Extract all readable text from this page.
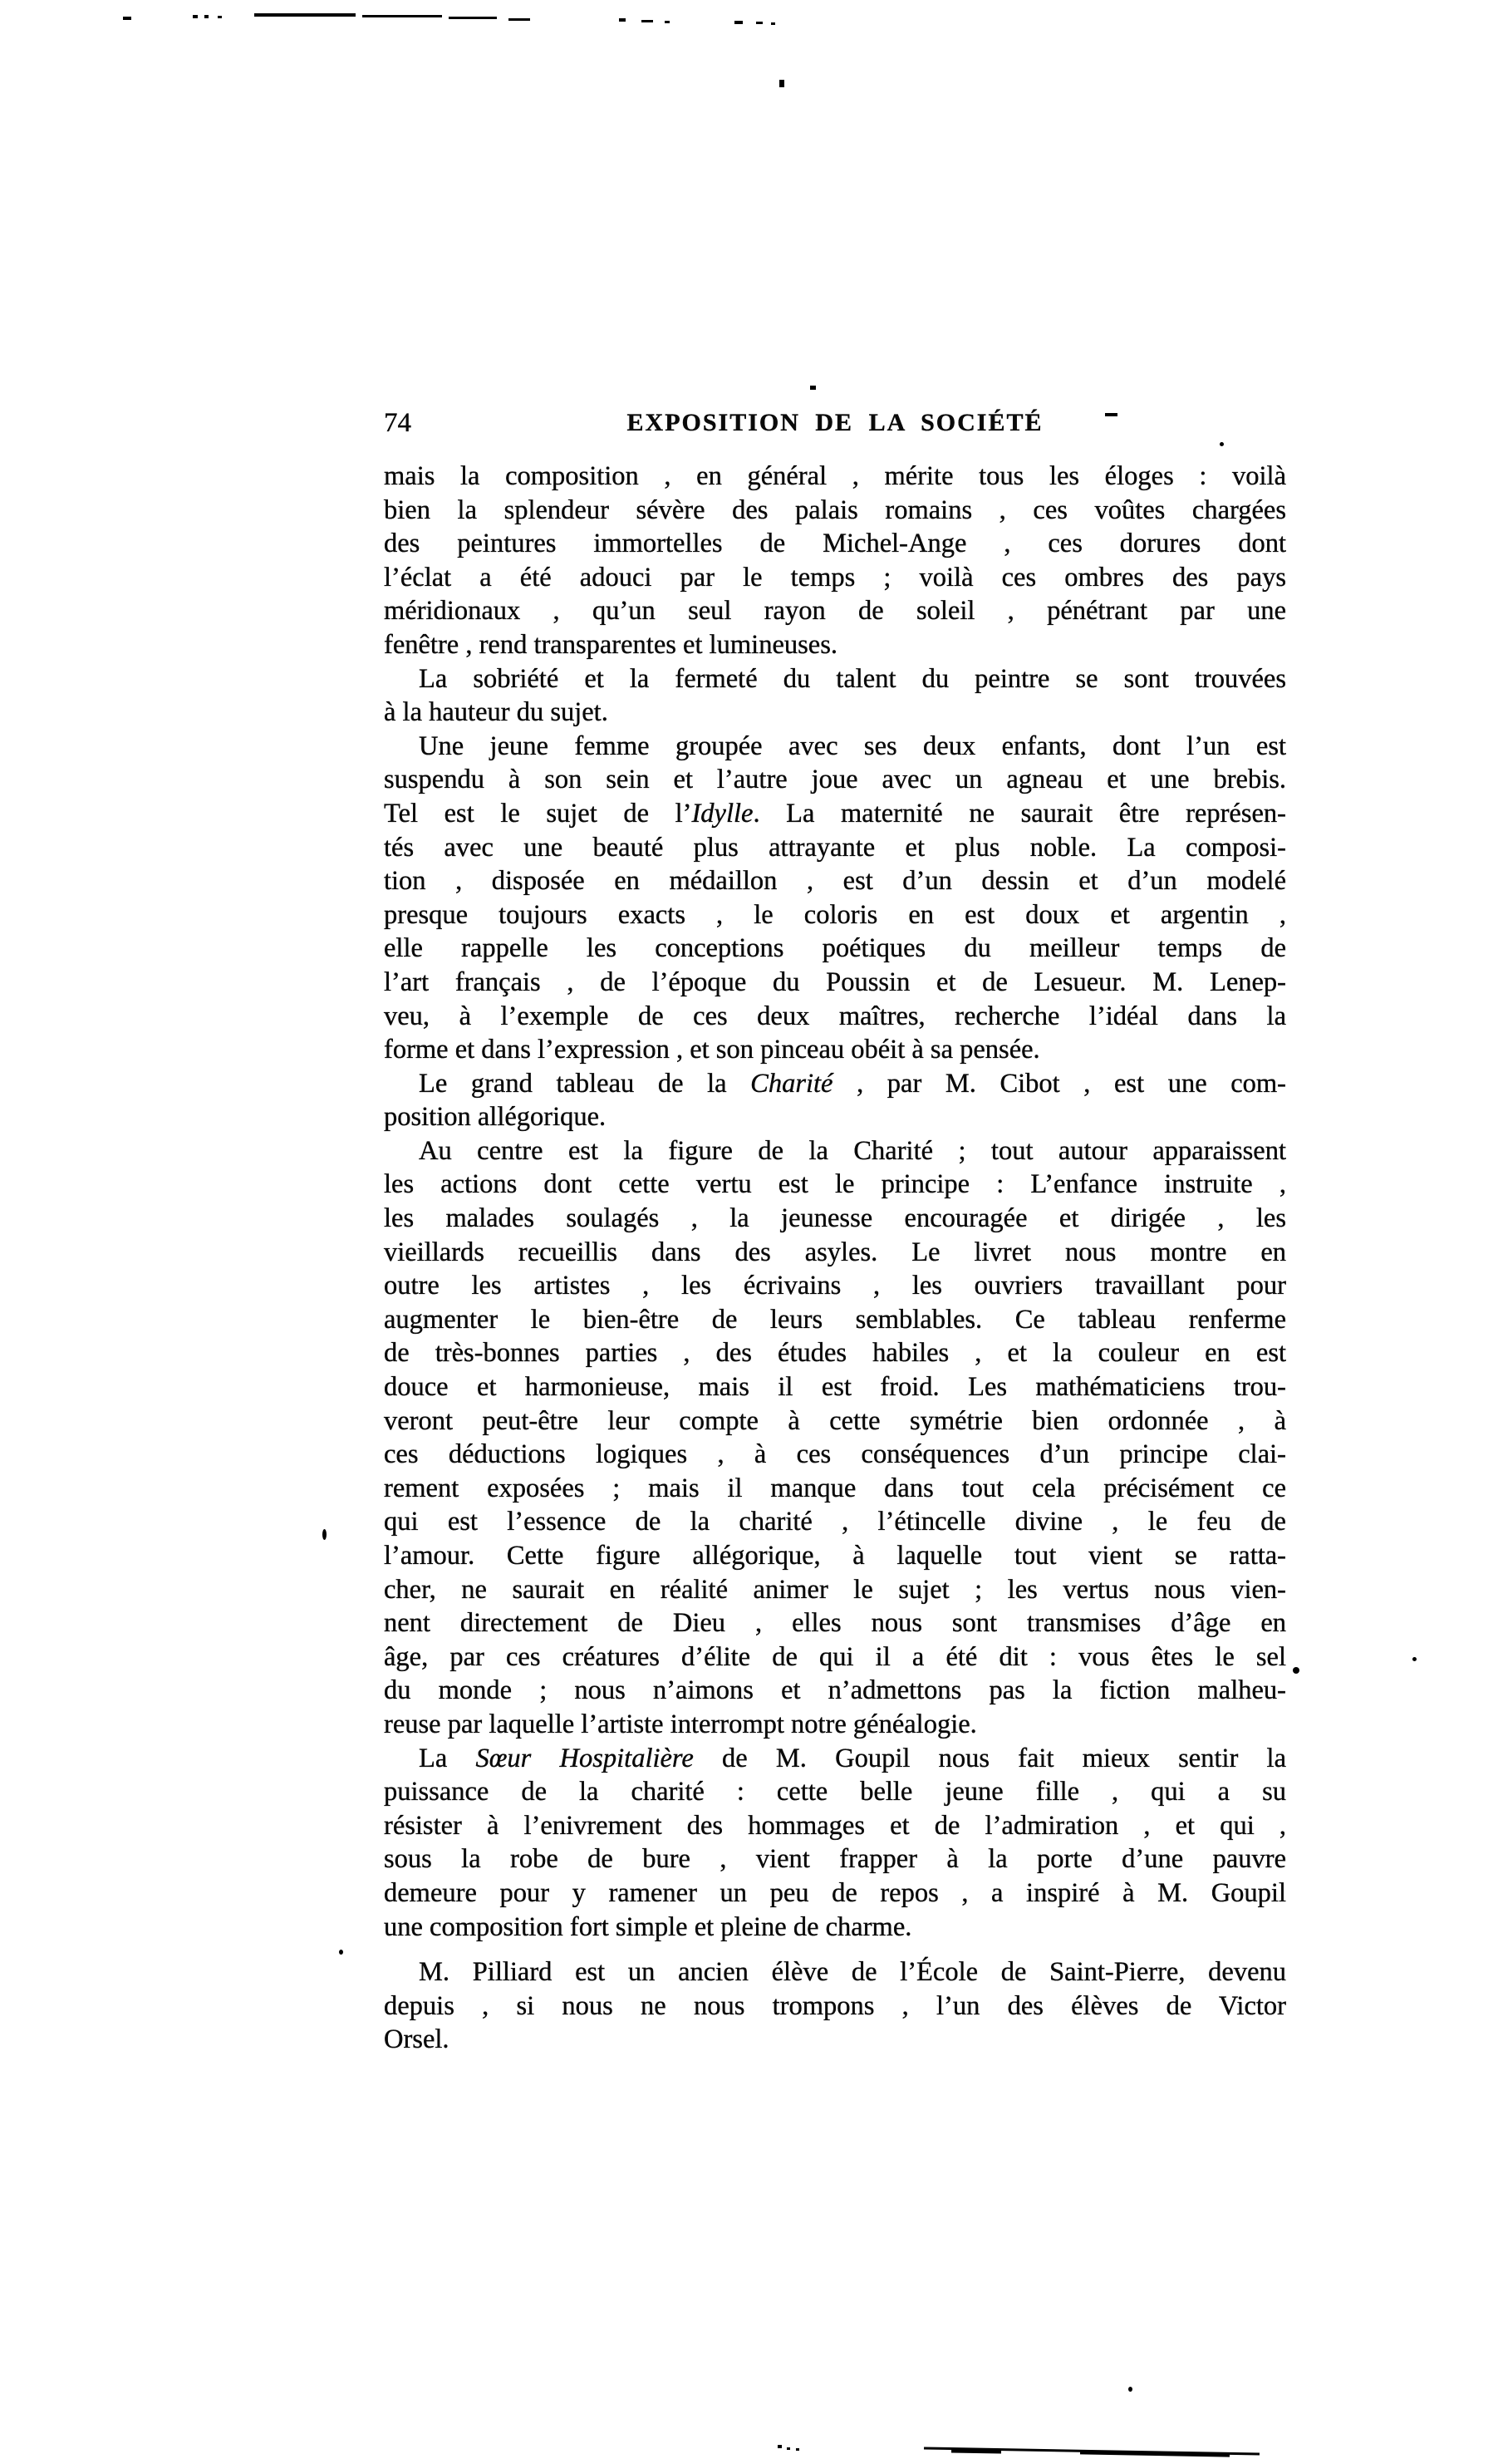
74	EXPOSITION DE LA SOCIÉTÉ
mais la composition , en général , mérite tous les éloges : voilà
bien la splendeur sévère des palais romains , ces voûtes chargées
des peintures immortelles de Michel-Ange , ces dorures dont
l’éclat a été adouci par le temps ; voilà ces ombres des pays
méridionaux , qu’un seul rayon de soleil , pénétrant par une
fenêtre , rend transparentes et lumineuses.
La sobriété et la fermeté du talent du peintre se sont trouvées
à la hauteur du sujet.
Une jeune femme groupée avec ses deux enfants, dont l’un est
suspendu à son sein et l’autre joue avec un agneau et une brebis.
Tel est le sujet de l’Idylle. La maternité ne saurait être représen-
tés avec une beauté plus attrayante et plus noble. La composi-
tion , disposée en médaillon , est d’un dessin et d’un modelé
presque toujours exacts , le coloris en est doux et argentin ,
elle rappelle les conceptions poétiques du meilleur temps de
l’art français , de l’époque du Poussin et de Lesueur. M. Lenep-
veu, à l’exemple de ces deux maîtres, recherche l’idéal dans la
forme et dans l’expression , et son pinceau obéit à sa pensée.
Le grand tableau de la Charité , par M. Cibot , est une com-
position allégorique.
Au centre est la figure de la Charité ; tout autour apparaissent
les actions dont cette vertu est le principe : L’enfance instruite ,
les malades soulagés , la jeunesse encouragée et dirigée , les
vieillards recueillis dans des asyles. Le livret nous montre en
outre les artistes , les écrivains , les ouvriers travaillant pour
augmenter le bien-être de leurs semblables. Ce tableau renferme
de très-bonnes parties , des études habiles , et la couleur en est
douce et harmonieuse, mais il est froid. Les mathématiciens trou-
veront peut-être leur compte à cette symétrie bien ordonnée , à
ces déductions logiques , à ces conséquences d’un principe clai-
rement exposées ; mais il manque dans tout cela précisément ce
qui est l’essence de la charité , l’étincelle divine , le feu de
l’amour. Cette figure allégorique, à laquelle tout vient se ratta-
cher, ne saurait en réalité animer le sujet ; les vertus nous vien-
nent directement de Dieu , elles nous sont transmises d’âge en
âge, par ces créatures d’élite de qui il a été dit : vous êtes le sel
du monde ; nous n’aimons et n’admettons pas la fiction malheu-
reuse par laquelle l’artiste interrompt notre généalogie.
La Sœur Hospitalière de M. Goupil nous fait mieux sentir la
puissance de la charité : cette belle jeune fille , qui a su
résister à l’enivrement des hommages et de l’admiration , et qui ,
sous la robe de bure , vient frapper à la porte d’une pauvre
demeure pour y ramener un peu de repos , a inspiré à M. Goupil
une composition fort simple et pleine de charme.
M. Pilliard est un ancien élève de l’École de Saint-Pierre, devenu
depuis , si nous ne nous trompons , l’un des élèves de Victor
Orsel.
